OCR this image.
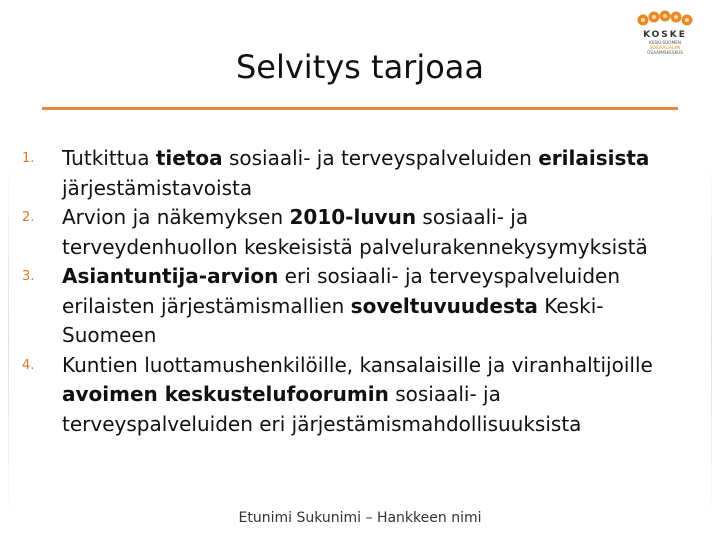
KOSKE
KESKI-SUOMEN
SOSIAALIALAN
OSAAMISKESKUS
Selvitys tarjoaa
1.	Tutkittua tietoa sosiaali- ja terveyspalveluiden erilaisista järjestämistavoista
2.	Arvion ja näkemyksen 2010-luvun sosiaali- ja terveydenhuollon keskeisistä palvelurakennekysymyksistä
3.	Asiantuntija-arvion eri sosiaali- ja terveyspalveluiden erilaisten järjestämismallien soveltuvuudesta Keski-Suomeen
4.	Kuntien luottamushenkilöille, kansalaisille ja viranhaltijoille avoimen keskustelufoorumin sosiaali- ja terveyspalveluiden eri järjestämismahdollisuuksista
Etunimi Sukunimi – Hankkeen nimi
